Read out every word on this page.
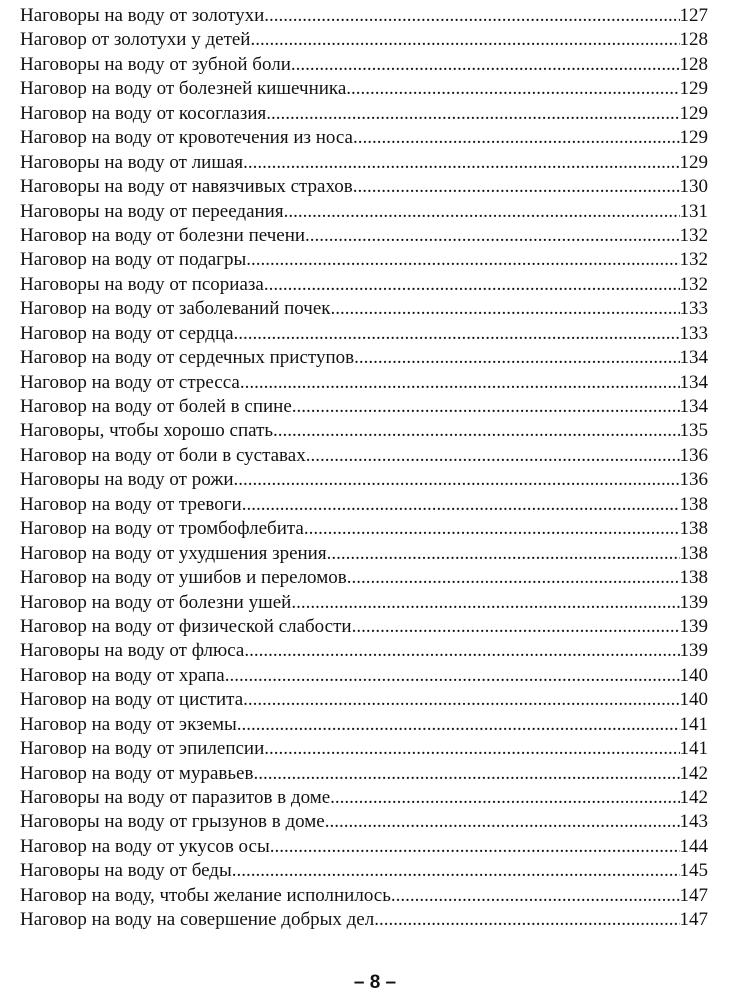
Наговоры на воду от золотухи .....	127
Наговор от золотухи у детей .....	128
Наговоры на воду от зубной боли .....	128
Наговор на воду от болезней кишечника .....	129
Наговор на воду от косоглазия .....	129
Наговор на воду от кровотечения из носа .....	129
Наговоры на воду от лишая .....	129
Наговоры на воду от навязчивых страхов .....	130
Наговоры на воду от переедания .....	131
Наговор на воду от болезни печени .....	132
Наговор на воду от подагры .....	132
Наговоры на воду от псориаза .....	132
Наговор на воду от заболеваний почек .....	133
Наговор на воду от сердца .....	133
Наговор на воду от сердечных приступов .....	134
Наговор на воду от стресса .....	134
Наговор на воду от болей в спине .....	134
Наговоры, чтобы хорошо спать .....	135
Наговор на воду от боли в суставах .....	136
Наговоры на воду от рожи .....	136
Наговор на воду от тревоги .....	138
Наговор на воду от тромбофлебита .....	138
Наговор на воду от ухудшения зрения .....	138
Наговор на воду от ушибов и переломов .....	138
Наговор на воду от болезни ушей .....	139
Наговор на воду от физической слабости .....	139
Наговоры на воду от флюса .....	139
Наговор на воду от храпа .....	140
Наговор на воду от цистита .....	140
Наговор на воду от экземы .....	141
Наговор на воду от эпилепсии .....	141
Наговор на воду от муравьев .....	142
Наговоры на воду от паразитов в доме .....	142
Наговоры на воду от грызунов в доме .....	143
Наговор на воду от укусов осы .....	144
Наговоры на воду от беды .....	145
Наговор на воду, чтобы желание исполнилось .....	147
Наговор на воду на совершение добрых дел .....	147
– 8 –
